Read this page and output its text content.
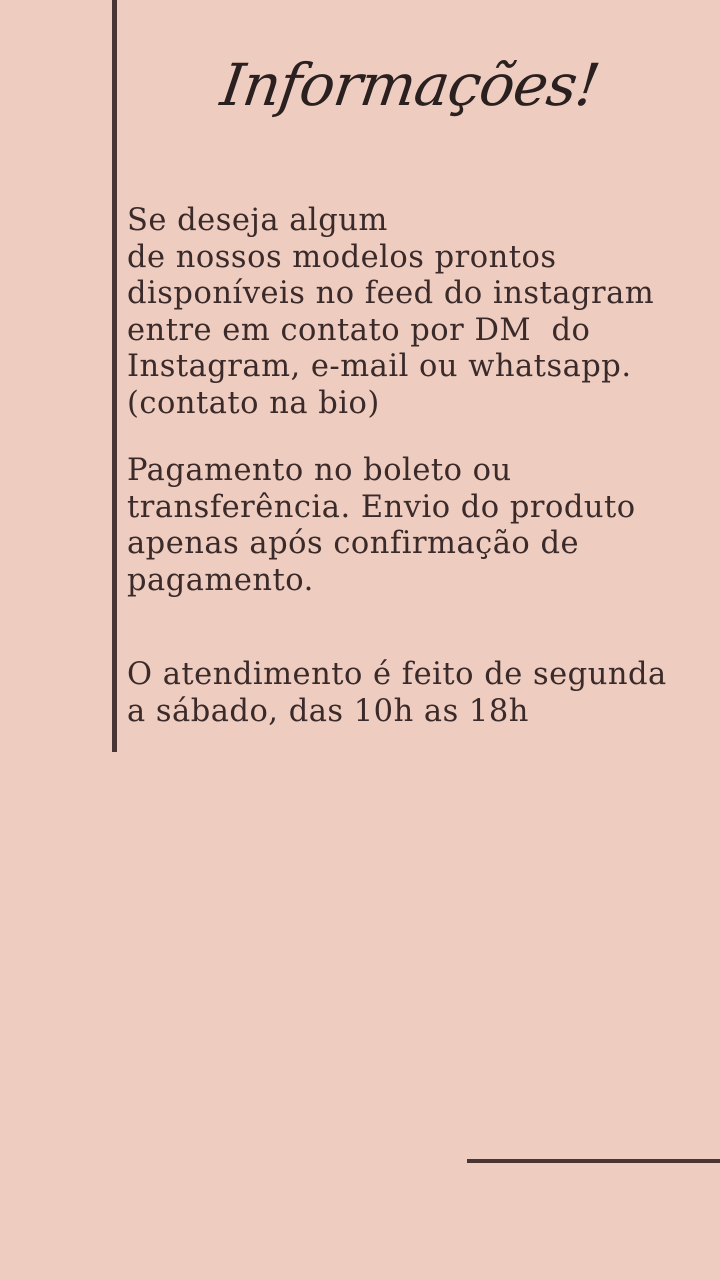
Informações!

Se deseja algum
de nossos modelos prontos
disponíveis no feed do instagram
entre em contato por DM  do
Instagram, e-mail ou whatsapp.
(contato na bio)

Pagamento no boleto ou
transferência. Envio do produto
apenas após confirmação de
pagamento.

O atendimento é feito de segunda
a sábado, das 10h as 18h
